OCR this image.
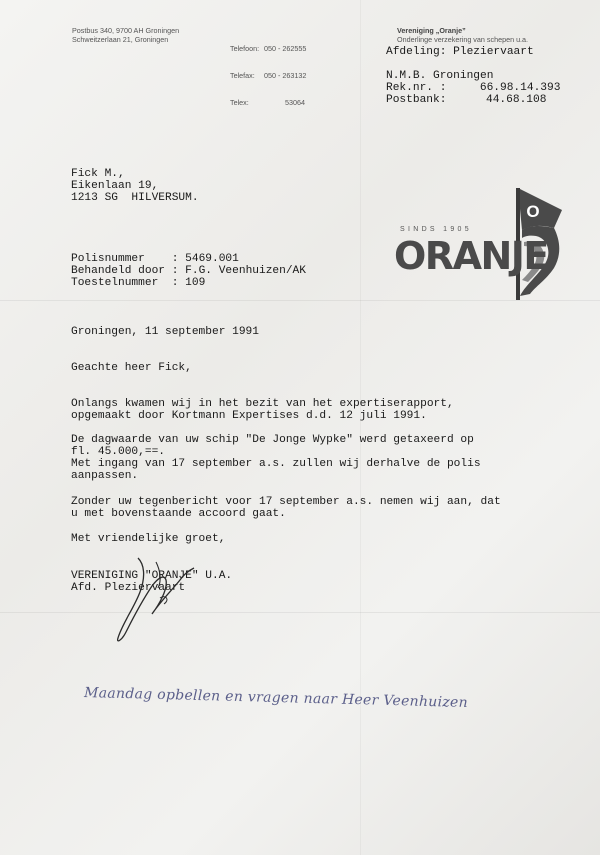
Postbus 340, 9700 AH Groningen
Schweitzerlaan 21, Groningen

Telefoon: 050 - 262555

Telefax: 050 - 263132

Telex:	53064

Vereniging „Oranje”
Onderlinge verzekering van schepen u.a.
Afdeling: Pleziervaart
N.M.B. Groningen
Rek.nr. :	66.98.14.393
Postbank:	44.68.108
O
SINDS 1905
ORANJE
Fick M.,
Eikenlaan 19,
1213 SG  HILVERSUM.
Polisnummer    : 5469.001
Behandeld door : F.G. Veenhuizen/AK
Toestelnummer  : 109
Groningen, 11 september 1991
Geachte heer Fick,
Onlangs kwamen wij in het bezit van het expertiserapport,
opgemaakt door Kortmann Expertises d.d. 12 juli 1991.
De dagwaarde van uw schip "De Jonge Wypke" werd getaxeerd op
fl. 45.000,==.
Met ingang van 17 september a.s. zullen wij derhalve de polis
aanpassen.
Zonder uw tegenbericht voor 17 september a.s. nemen wij aan, dat
u met bovenstaande accoord gaat.
Met vriendelijke groet,
VERENIGING "ORANJE" U.A.
Afd. Pleziervaart
Maandag opbellen en vragen naar Heer Veenhuizen
